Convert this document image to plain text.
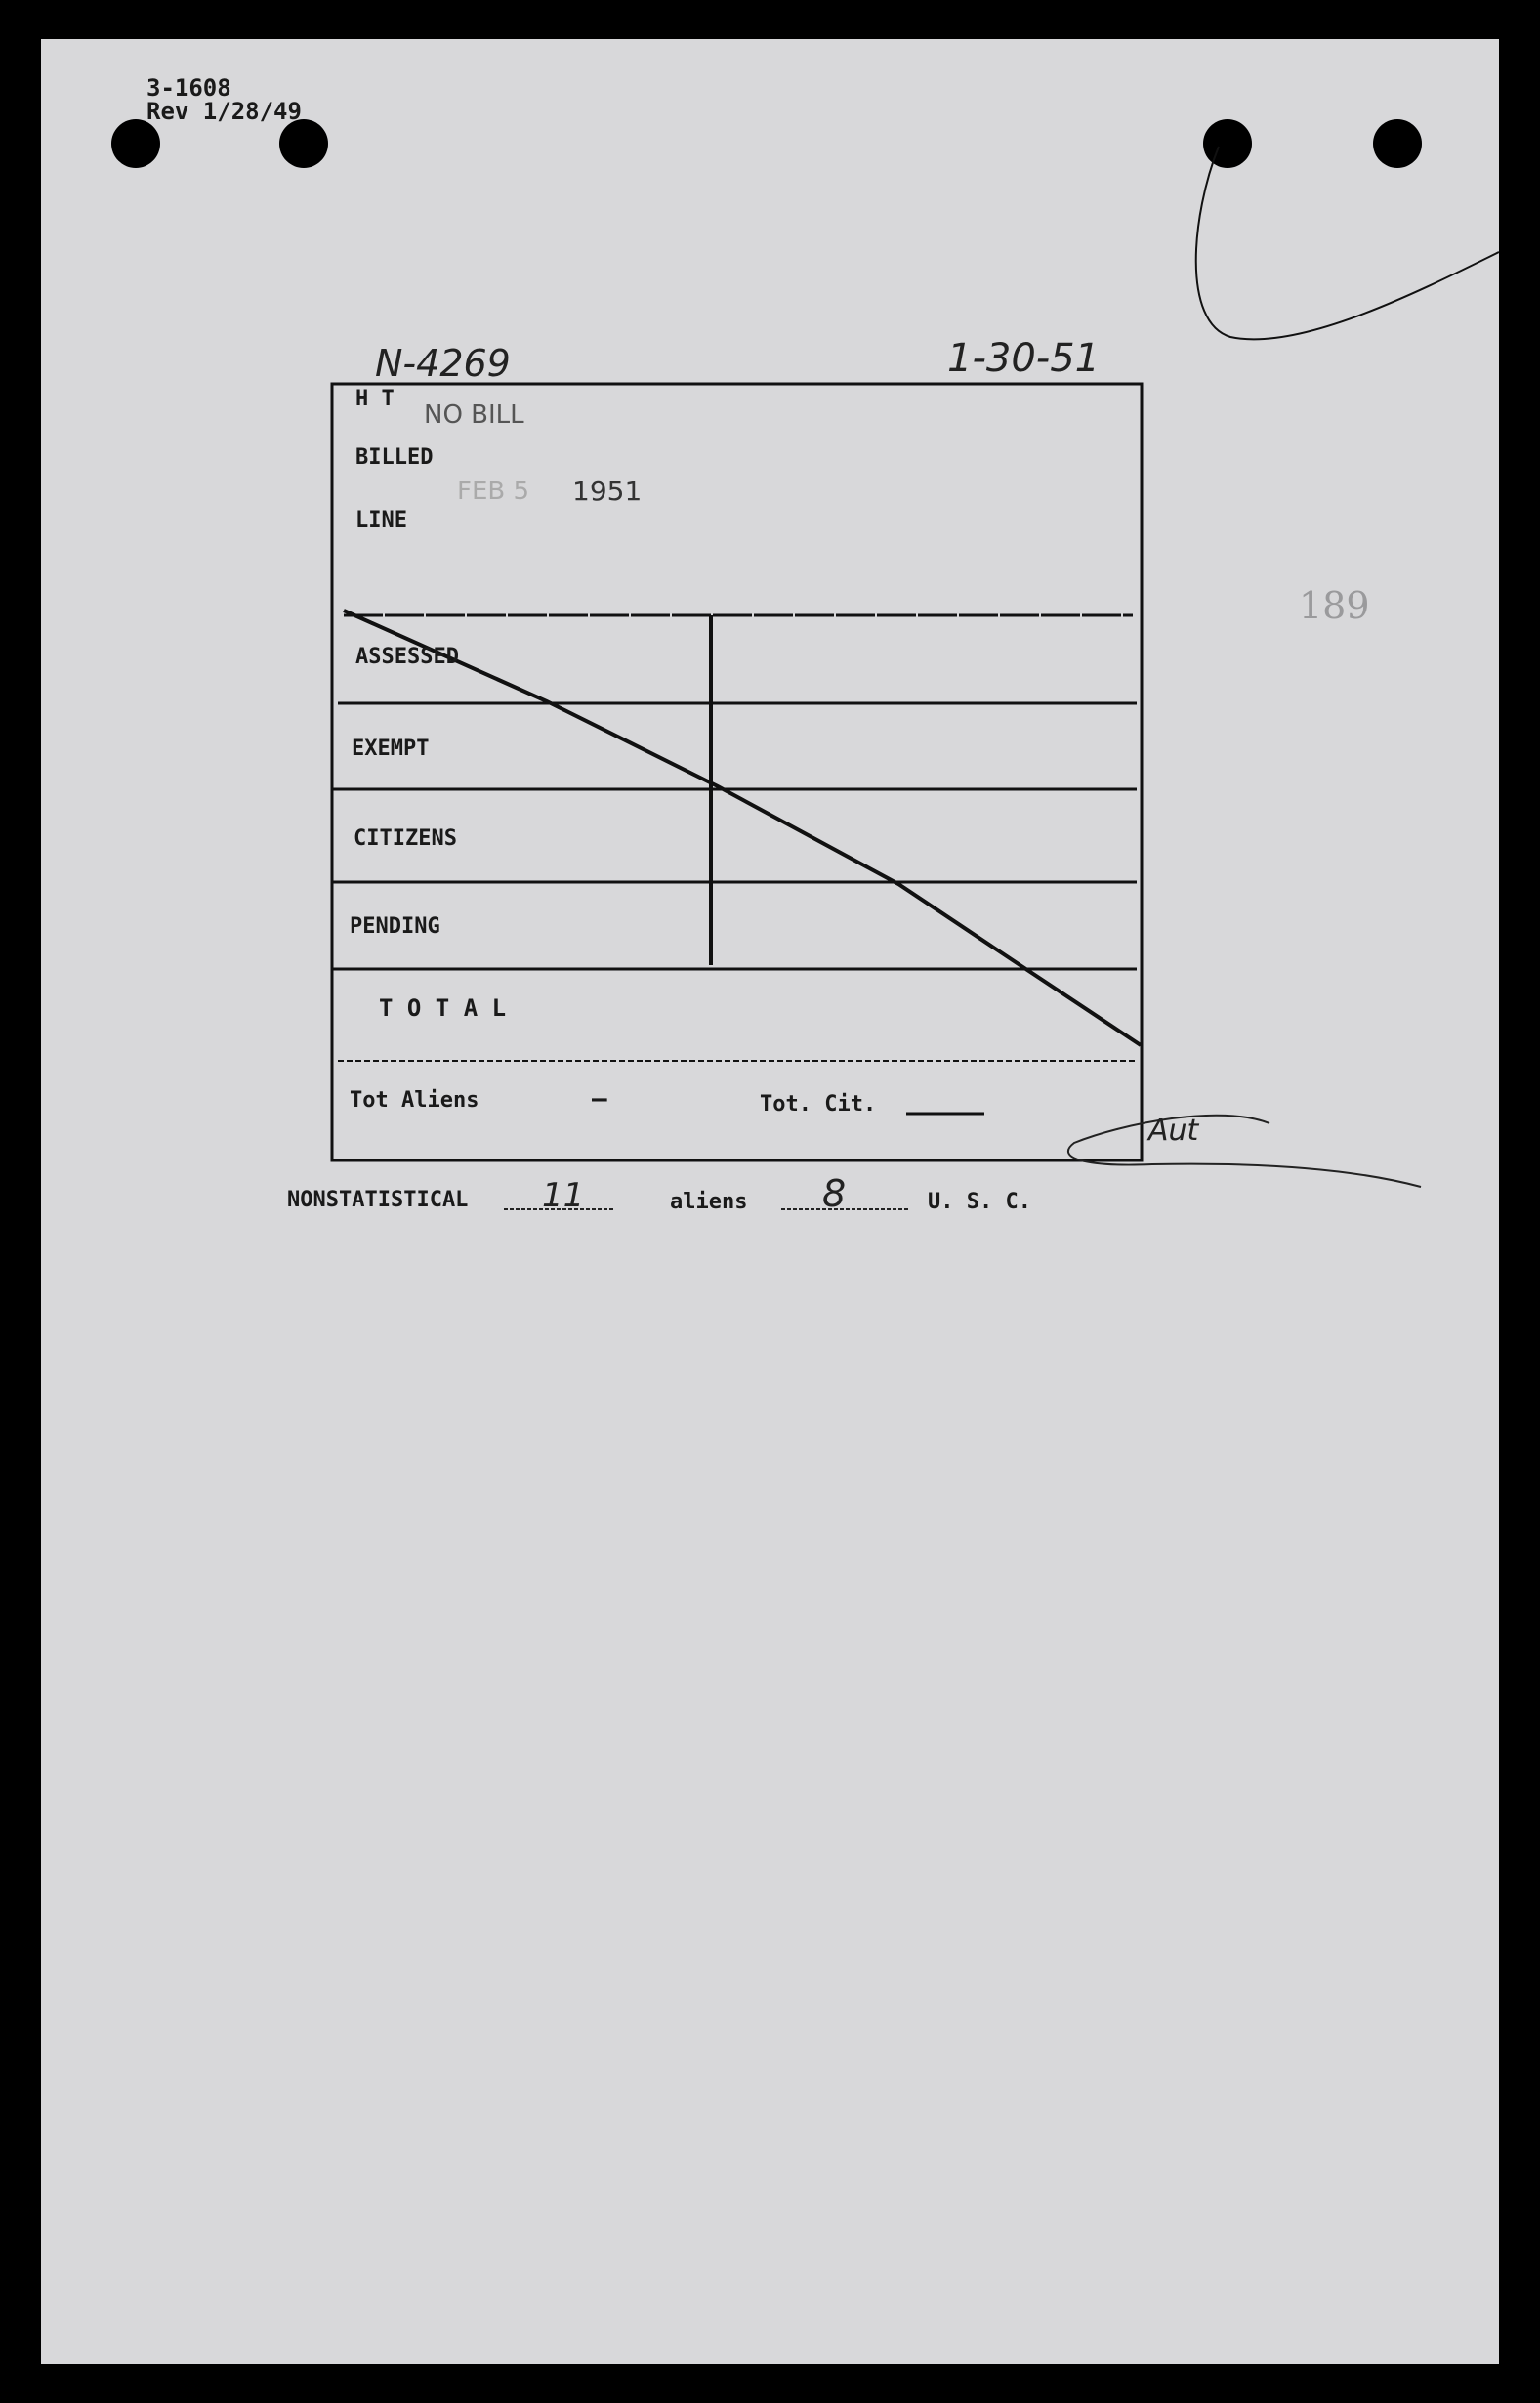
3-1608
Rev 1/28/49
N-4269	1-30-51
189
H T
NO BILL
BILLED
FEB 5 1951
LINE
ASSESSED
EXEMPT
CITIZENS
PENDING
T O T A L
Tot Aliens	—	Tot. Cit.
Aut
NONSTATISTICAL 11	aliens 8	U. S. C.
